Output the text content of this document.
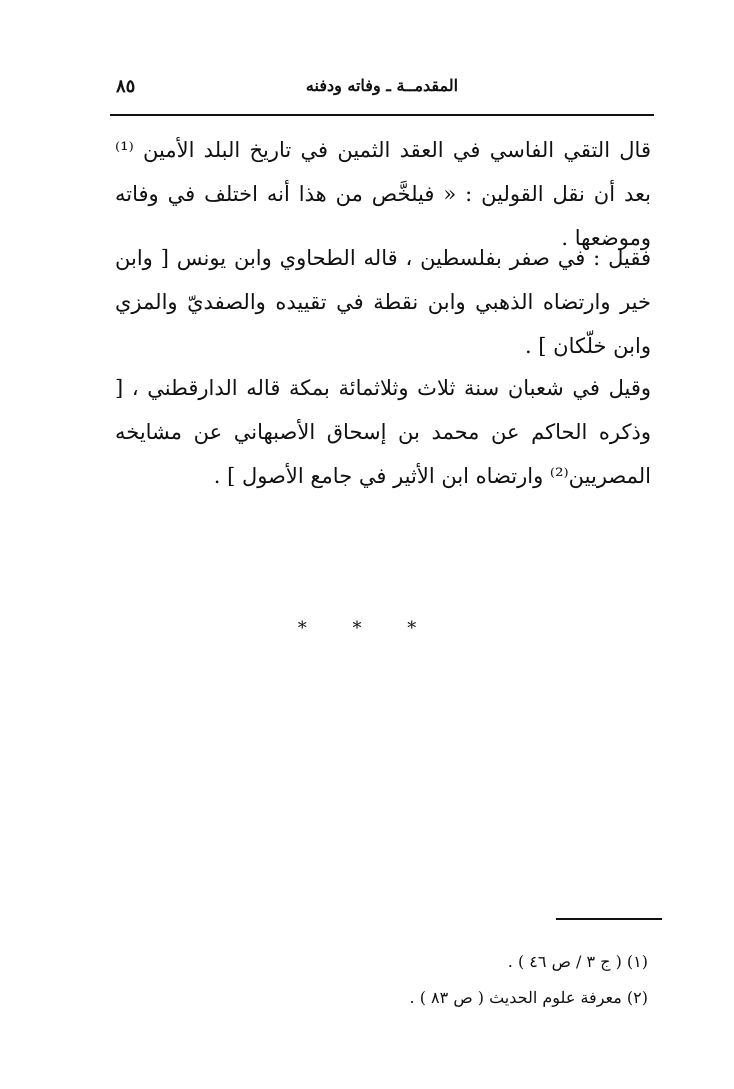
٨٥	المقدمــة ـ وفاته ودفنه

قال التقي الفاسي في العقد الثمين في تاريخ البلد الأمين ⁽¹⁾ بعد أن نقل القولين : « فيلخَّص من هذا أنه اختلف في وفاته وموضعها .

فقيل : في صفر بفلسطين ، قاله الطحاوي وابن يونس [ وابن خير وارتضاه الذهبي وابن نقطة في تقييده والصفديّ والمزي وابن خلّكان ] .

وقيل في شعبان سنة ثلاث وثلاثمائة بمكة قاله الدارقطني ، [ وذكره الحاكم عن محمد بن إسحاق الأصبهاني عن مشايخه المصريين⁽²⁾ وارتضاه ابن الأثير في جامع الأصول ] .

* * *

(١) ( ج ٣ / ص ٤٦ ) .

(٢) معرفة علوم الحديث ( ص ٨٣ ) .
